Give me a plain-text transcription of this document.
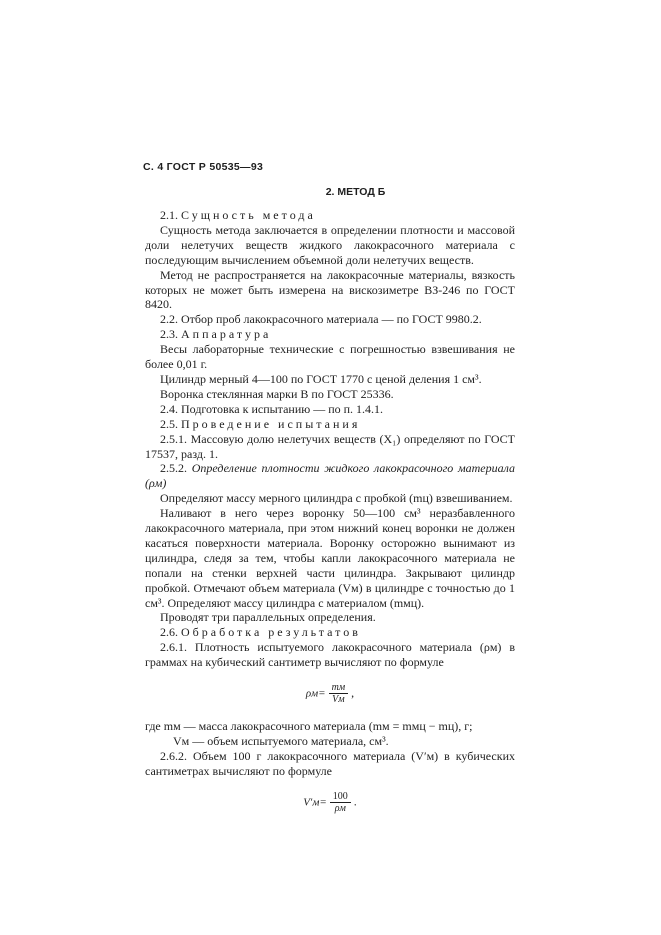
С. 4 ГОСТ Р 50535—93
2. МЕТОД Б

2.1. Сущность метода

Сущность метода заключается в определении плотности и массовой доли нелетучих веществ жидкого лакокрасочного материала с последующим вычислением объемной доли нелетучих веществ.

Метод не распространяется на лакокрасочные материалы, вязкость которых не может быть измерена на вискозиметре ВЗ-246 по ГОСТ 8420.

2.2. Отбор проб лакокрасочного материала — по ГОСТ 9980.2.

2.3. Аппаратура

Весы лабораторные технические с погрешностью взвешивания не более 0,01 г.

Цилиндр мерный 4—100 по ГОСТ 1770 с ценой деления 1 см³.

Воронка стеклянная марки В по ГОСТ 25336.

2.4. Подготовка к испытанию — по п. 1.4.1.

2.5. Проведение испытания

2.5.1. Массовую долю нелетучих веществ (X₁) определяют по ГОСТ 17537, разд. 1.

2.5.2. Определение плотности жидкого лакокрасочного материала (ρм)

Определяют массу мерного цилиндра с пробкой (mц) взвешиванием.

Наливают в него через воронку 50—100 см³ неразбавленного лакокрасочного материала, при этом нижний конец воронки не должен касаться поверхности материала. Воронку осторожно вынимают из цилиндра, следя за тем, чтобы капли лакокрасочного материала не попали на стенки верхней части цилиндра. Закрывают цилиндр пробкой. Отмечают объем материала (Vм) в цилиндре с точностью до 1 см³. Определяют массу цилиндра с материалом (mмц).

Проводят три параллельных определения.

2.6. Обработка результатов

2.6.1. Плотность испытуемого лакокрасочного материала (ρм) в граммах на кубический сантиметр вычисляют по формуле

$\rho м= \frac{mм}{Vм}$ ,

где mм — масса лакокрасочного материала (mм = mмц − mц), г;

Vм — объем испытуемого материала, см³.

2.6.2. Объем 100 г лакокрасочного материала (V′м) в кубических сантиметрах вычисляют по формуле

$V'м= \frac{100}{\rho м}$ .
